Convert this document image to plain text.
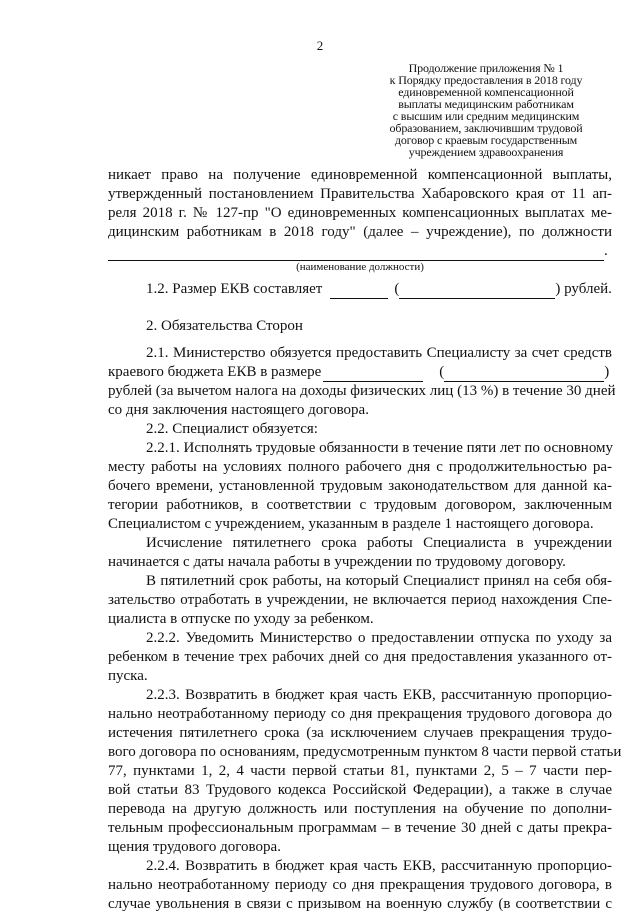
2
Продолжение приложения № 1
к Порядку предоставления в 2018 году
единовременной компенсационной
выплаты медицинским работникам
с высшим или средним медицинским
образованием, заключившим трудовой
договор с краевым государственным
учреждением здравоохранения
никает право на получение единовременной компенсационной выплаты,
утвержденный постановлением Правительства Хабаровского края от 11 ап-
реля 2018 г. № 127-пр "О единовременных компенсационных выплатах ме-
дицинским работникам в 2018 году" (далее – учреждение), по должности
.
(наименование должности)
1.2. Размер ЕКВ составляет	(	) рублей.
2. Обязательства Сторон
2.1. Министерство обязуется предоставить Специалисту за счет средств
краевого бюджета ЕКВ в размере	(	)
рублей (за вычетом налога на доходы физических лиц (13 %) в течение 30 дней
со дня заключения настоящего договора.
2.2. Специалист обязуется:
2.2.1. Исполнять трудовые обязанности в течение пяти лет по основному
месту работы на условиях полного рабочего дня с продолжительностью ра-
бочего времени, установленной трудовым законодательством для данной ка-
тегории работников, в соответствии с трудовым договором, заключенным
Специалистом с учреждением, указанным в разделе 1 настоящего договора.
Исчисление пятилетнего срока работы Специалиста в учреждении
начинается с даты начала работы в учреждении по трудовому договору.
В пятилетний срок работы, на который Специалист принял на себя обя-
зательство отработать в учреждении, не включается период нахождения Спе-
циалиста в отпуске по уходу за ребенком.
2.2.2. Уведомить Министерство о предоставлении отпуска по уходу за
ребенком в течение трех рабочих дней со дня предоставления указанного от-
пуска.
2.2.3. Возвратить в бюджет края часть ЕКВ, рассчитанную пропорцио-
нально неотработанному периоду со дня прекращения трудового договора до
истечения пятилетнего срока (за исключением случаев прекращения трудо-
вого договора по основаниям, предусмотренным пунктом 8 части первой статьи
77, пунктами 1, 2, 4 части первой статьи 81, пунктами 2, 5 – 7 части пер-
вой статьи 83 Трудового кодекса Российской Федерации), а также в случае
перевода на другую должность или поступления на обучение по дополни-
тельным профессиональным программам – в течение 30 дней с даты прекра-
щения трудового договора.
2.2.4. Возвратить в бюджет края часть ЕКВ, рассчитанную пропорцио-
нально неотработанному периоду со дня прекращения трудового договора, в
случае увольнения в связи с призывом на военную службу (в соответствии с
